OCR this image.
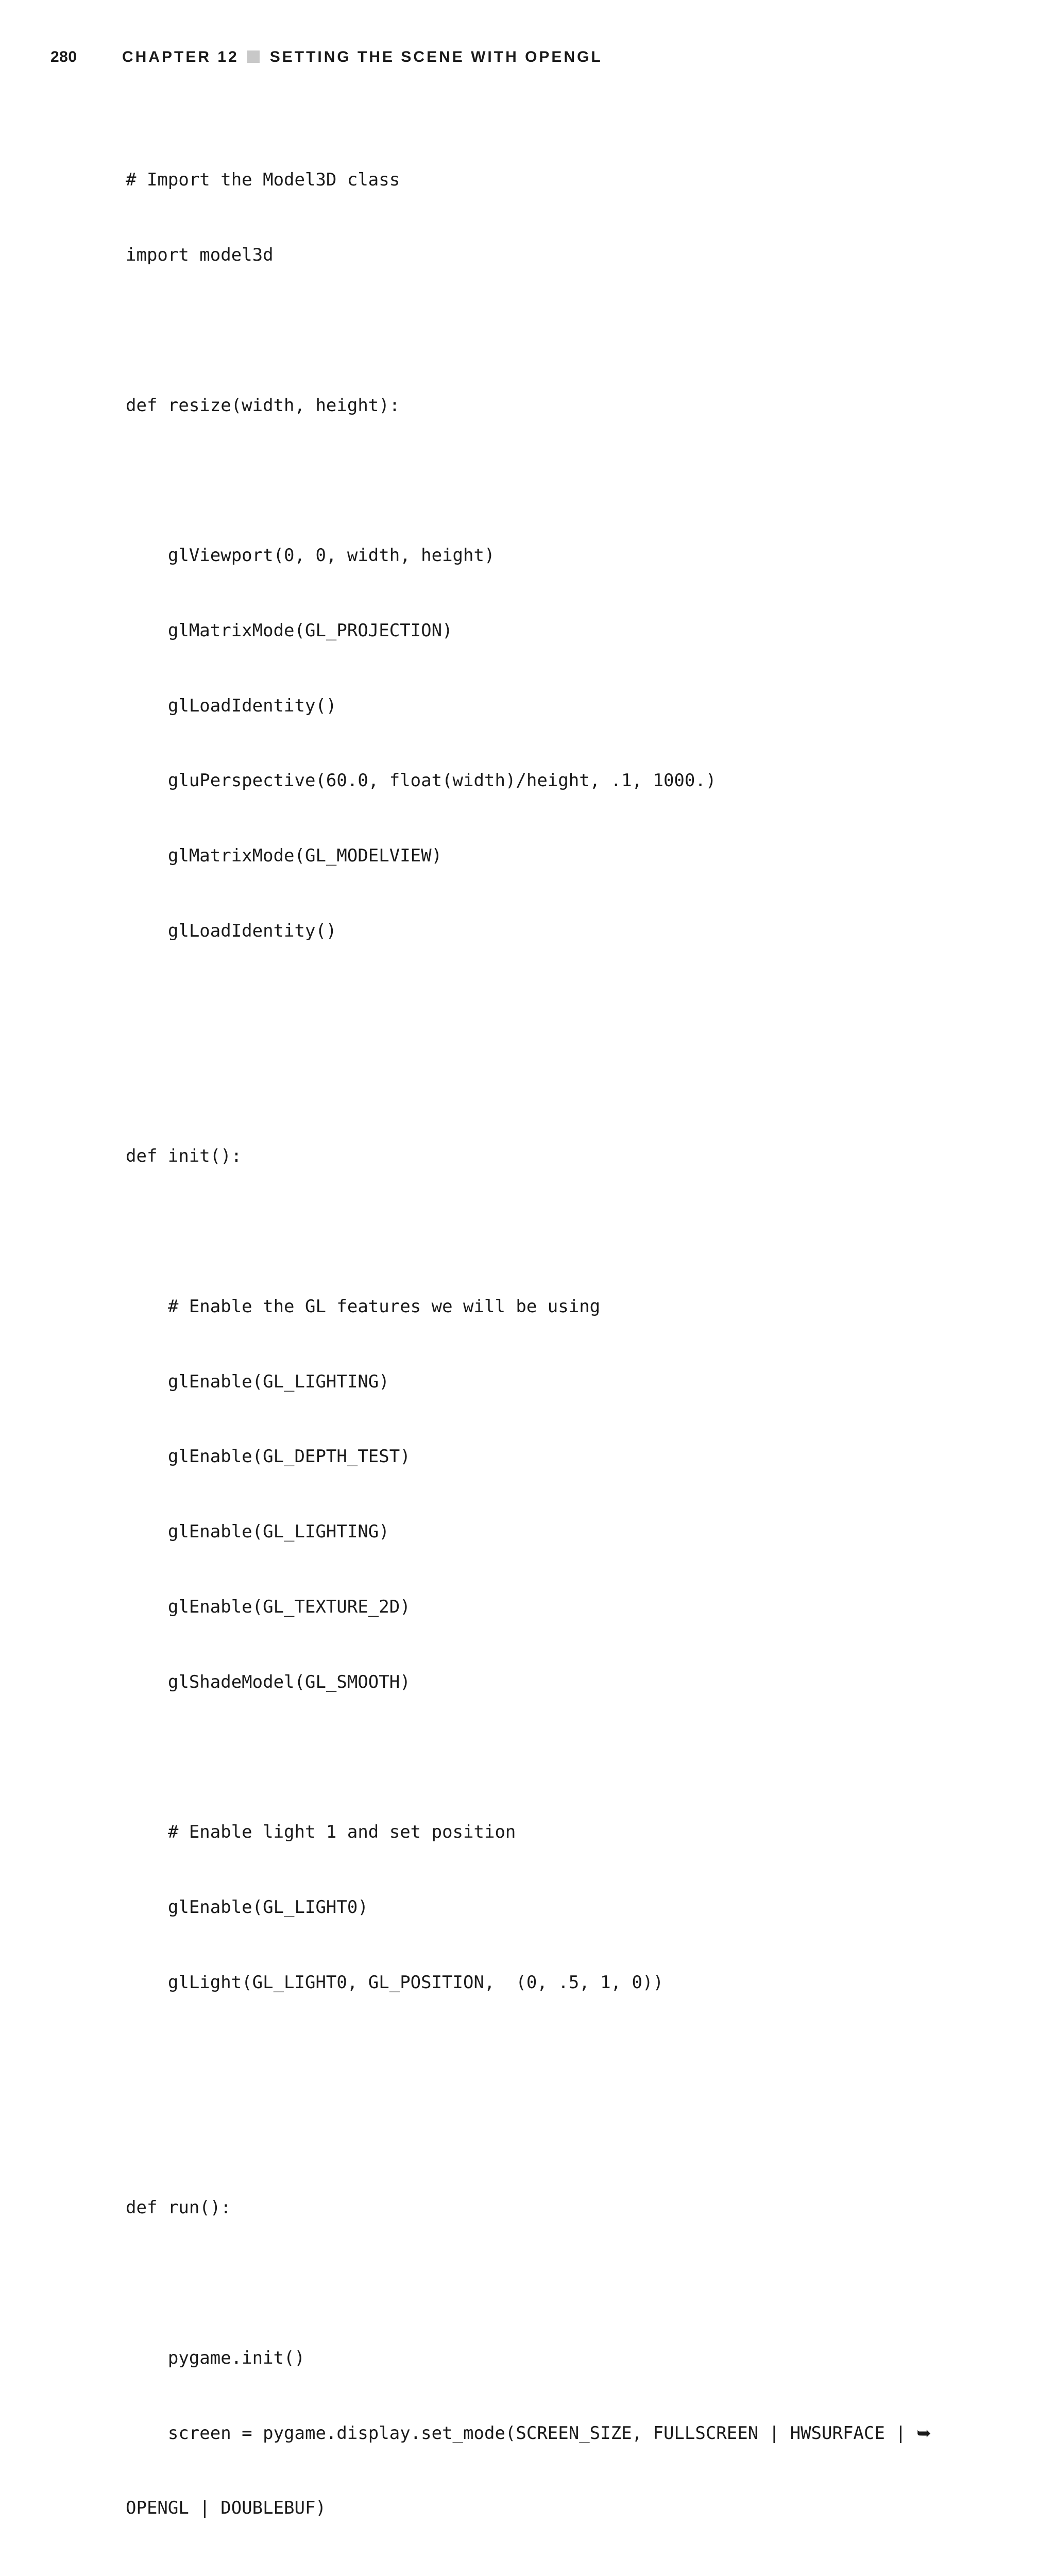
280	CHAPTER 12 SETTING THE SCENE WITH OPENGL

# Import the Model3D class

import model3d

def resize(width, height):

glViewport(0, 0, width, height)

glMatrixMode(GL_PROJECTION)

glLoadIdentity()

gluPerspective(60.0, float(width)/height, .1, 1000.)

glMatrixMode(GL_MODELVIEW)

glLoadIdentity()

def init():

# Enable the GL features we will be using

glEnable(GL_LIGHTING)

glEnable(GL_DEPTH_TEST)

glEnable(GL_LIGHTING)

glEnable(GL_TEXTURE_2D)

glShadeModel(GL_SMOOTH)

# Enable light 1 and set position

glEnable(GL_LIGHT0)

glLight(GL_LIGHT0, GL_POSITION,  (0, .5, 1, 0))

def run():

pygame.init()

screen = pygame.display.set_mode(SCREEN_SIZE, FULLSCREEN | HWSURFACE | ➥

OPENGL | DOUBLEBUF)
